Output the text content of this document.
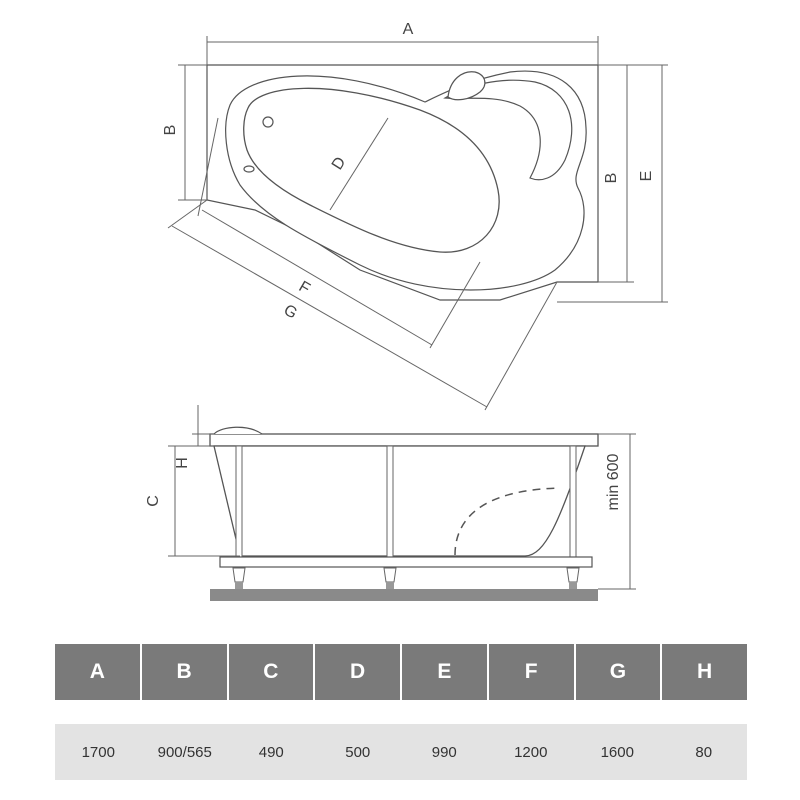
A
B
B E
D
F
G
H
C	min 600
A	B	C	D	E	F	G	H
1700	900/565	490	500	990	1200	1600	80
